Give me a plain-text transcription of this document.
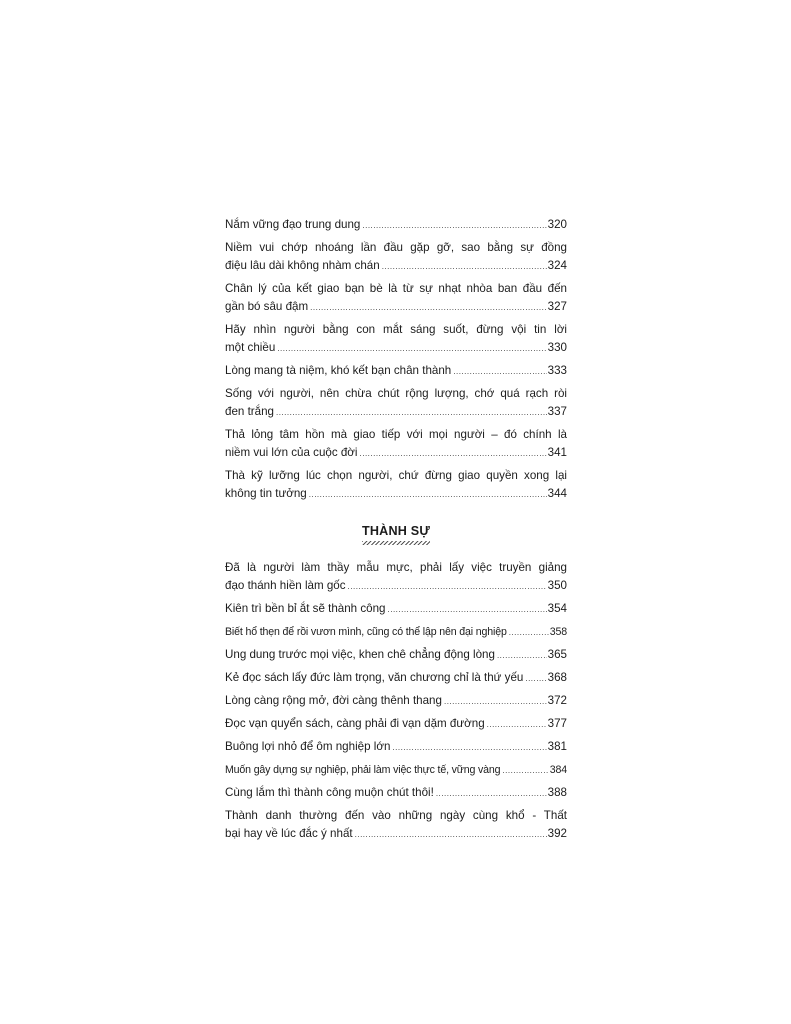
Nắm vững đạo trung dung .....	320
Niềm vui chớp nhoáng lần đầu gặp gỡ, sao bằng sự đồng
điệu lâu dài không nhàm chán .....	324
Chân lý của kết giao bạn bè là từ sự nhạt nhòa ban đầu đến
gần bó sâu đậm .....	327
Hãy nhìn người bằng con mắt sáng suốt, đừng vội tin lời
một chiều .....	330
Lòng mang tà niệm, khó kết bạn chân thành .....	333
Sống với người, nên chừa chút rộng lượng, chớ quá rạch ròi
đen trắng .....	337
Thả lỏng tâm hồn mà giao tiếp với mọi người – đó chính là
niềm vui lớn của cuộc đời .....	341
Thà kỹ lưỡng lúc chọn người, chứ đừng giao quyền xong lại
không tin tưởng .....	344
THÀNH SỰ
Đã là người làm thầy mẫu mực, phải lấy việc truyền giảng
đạo thánh hiền làm gốc .....	350
Kiên trì bền bỉ ắt sẽ thành công .....	354
Biết hổ thẹn để rồi vươn mình, cũng có thể lập nên đại nghiệp .....	358
Ung dung trước mọi việc, khen chê chẳng động lòng .....	365
Kẻ đọc sách lấy đức làm trọng, văn chương chỉ là thứ yếu ..... 368
Lòng càng rộng mở, đời càng thênh thang .....	372
Đọc vạn quyển sách, càng phải đi vạn dặm đường .....	377
Buông lợi nhỏ để ôm nghiệp lớn .....	381
Muốn gây dựng sự nghiệp, phải làm việc thực tế, vững vàng .....	384
Cùng lắm thì thành công muộn chút thôi! .....	388
Thành danh thường đến vào những ngày cùng khổ - Thất
bại hay về lúc đắc ý nhất .....	392
